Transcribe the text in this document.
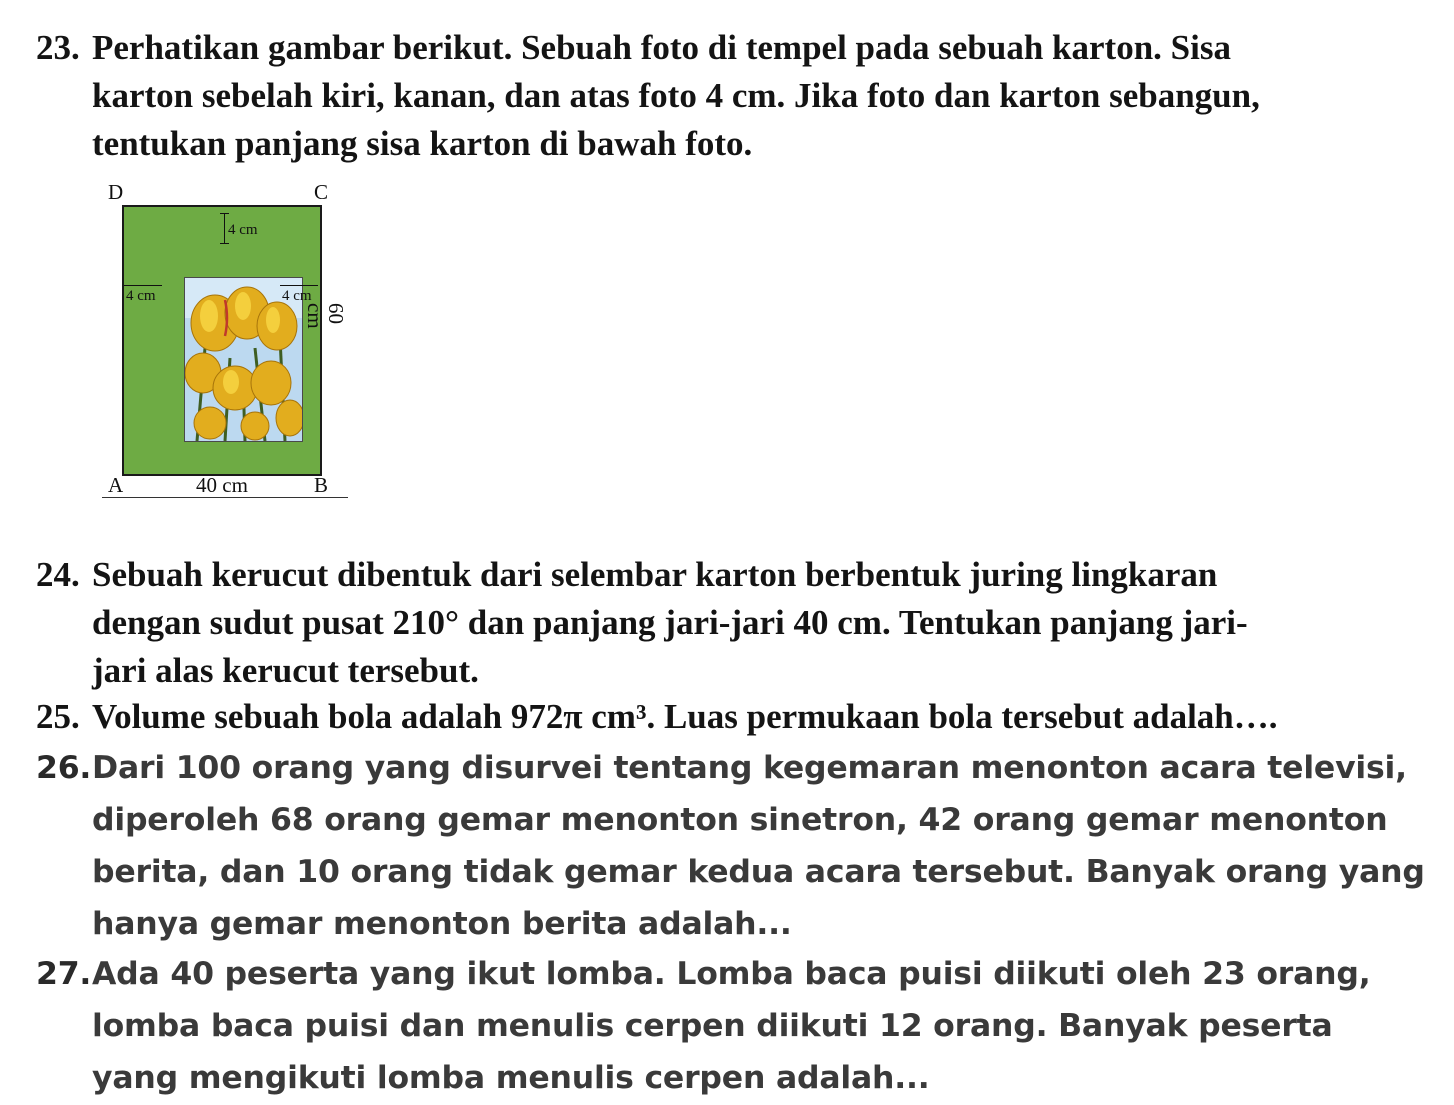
23. Perhatikan gambar berikut. Sebuah foto di tempel pada sebuah karton. Sisa
karton sebelah kiri, kanan, dan atas foto 4 cm. Jika foto dan karton sebangun,
tentukan panjang sisa karton di bawah foto.
D	C
4 cm
4 cm	4 cm
60 cm
A	40 cm	B
24. Sebuah kerucut dibentuk dari selembar karton berbentuk juring lingkaran
dengan sudut pusat 210° dan panjang jari-jari 40 cm. Tentukan panjang jari-
jari alas kerucut tersebut.
25. Volume sebuah bola adalah 972π cm³. Luas permukaan bola tersebut adalah….
26. Dari 100 orang yang disurvei tentang kegemaran menonton acara televisi,
diperoleh 68 orang gemar menonton sinetron, 42 orang gemar menonton
berita, dan 10 orang tidak gemar kedua acara tersebut. Banyak orang yang
hanya gemar menonton berita adalah...
27. Ada 40 peserta yang ikut lomba. Lomba baca puisi diikuti oleh 23 orang,
lomba baca puisi dan menulis cerpen diikuti 12 orang. Banyak peserta
yang mengikuti lomba menulis cerpen adalah...
